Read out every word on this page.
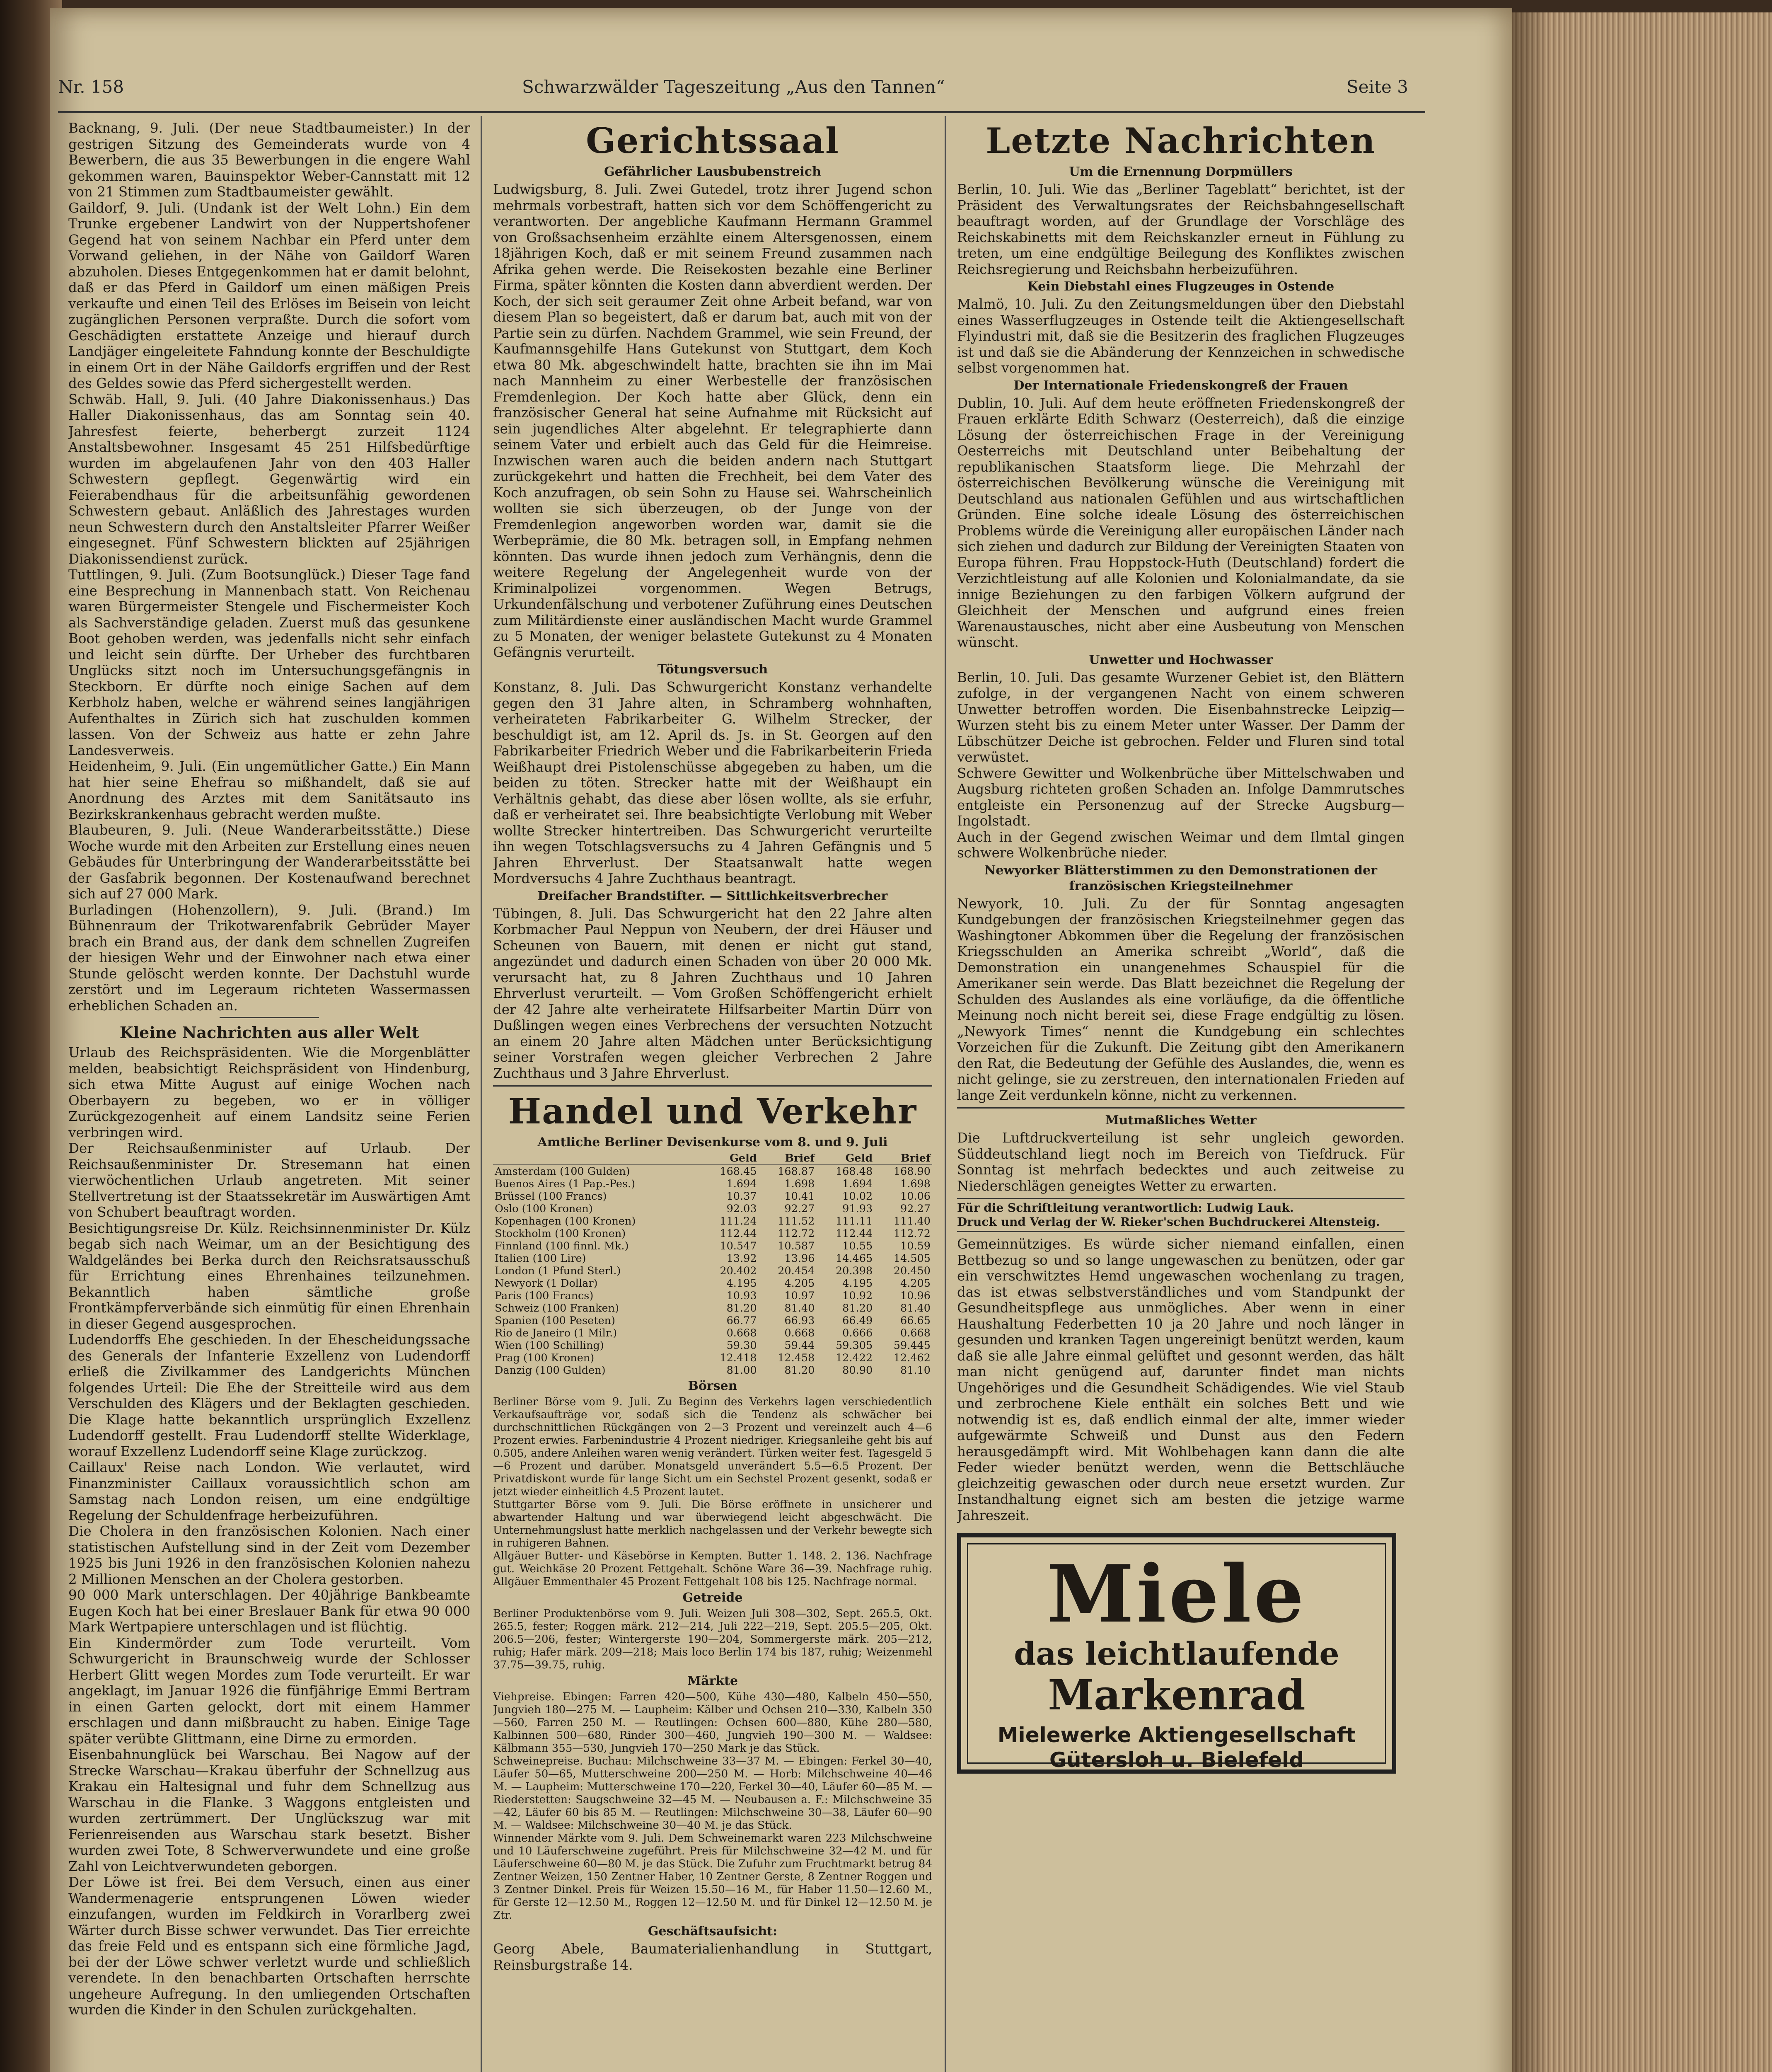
Nr. 158	Schwarzwälder Tageszeitung „Aus den Tannen“	Seite 3

Backnang, 9. Juli. (Der neue Stadtbaumeister.) In der gestrigen Sitzung des Gemeinderats wurde von 4 Bewerbern, die aus 35 Bewerbungen in die engere Wahl gekommen waren, Bauinspektor Weber-Cannstatt mit 12 von 21 Stimmen zum Stadtbaumeister gewählt.

Gaildorf, 9. Juli. (Undank ist der Welt Lohn.) Ein dem Trunke ergebener Landwirt von der Nuppertshofener Gegend hat von seinem Nachbar ein Pferd unter dem Vorwand geliehen, in der Nähe von Gaildorf Waren abzuholen. Dieses Entgegenkommen hat er damit belohnt, daß er das Pferd in Gaildorf um einen mäßigen Preis verkaufte und einen Teil des Erlöses im Beisein von leicht zugänglichen Personen verpraßte. Durch die sofort vom Geschädigten erstattete Anzeige und hierauf durch Landjäger eingeleitete Fahndung konnte der Beschuldigte in einem Ort in der Nähe Gaildorfs ergriffen und der Rest des Geldes sowie das Pferd sichergestellt werden.

Schwäb. Hall, 9. Juli. (40 Jahre Diakonissenhaus.) Das Haller Diakonissenhaus, das am Sonntag sein 40. Jahresfest feierte, beherbergt zurzeit 1124 Anstaltsbewohner. Insgesamt 45 251 Hilfsbedürftige wurden im abgelaufenen Jahr von den 403 Haller Schwestern gepflegt. Gegenwärtig wird ein Feierabendhaus für die arbeitsunfähig gewordenen Schwestern gebaut. Anläßlich des Jahrestages wurden neun Schwestern durch den Anstaltsleiter Pfarrer Weißer eingesegnet. Fünf Schwestern blickten auf 25jährigen Diakonissendienst zurück.

Tuttlingen, 9. Juli. (Zum Bootsunglück.) Dieser Tage fand eine Besprechung in Mannenbach statt. Von Reichenau waren Bürgermeister Stengele und Fischermeister Koch als Sachverständige geladen. Zuerst muß das gesunkene Boot gehoben werden, was jedenfalls nicht sehr einfach und leicht sein dürfte. Der Urheber des furchtbaren Unglücks sitzt noch im Untersuchungsgefängnis in Steckborn. Er dürfte noch einige Sachen auf dem Kerbholz haben, welche er während seines langjährigen Aufenthaltes in Zürich sich hat zuschulden kommen lassen. Von der Schweiz aus hatte er zehn Jahre Landesverweis.

Heidenheim, 9. Juli. (Ein ungemütlicher Gatte.) Ein Mann hat hier seine Ehefrau so mißhandelt, daß sie auf Anordnung des Arztes mit dem Sanitätsauto ins Bezirkskrankenhaus gebracht werden mußte.

Blaubeuren, 9. Juli. (Neue Wanderarbeitsstätte.) Diese Woche wurde mit den Arbeiten zur Erstellung eines neuen Gebäudes für Unterbringung der Wanderarbeitsstätte bei der Gasfabrik begonnen. Der Kostenaufwand berechnet sich auf 27 000 Mark.

Burladingen (Hohenzollern), 9. Juli. (Brand.) Im Bühnenraum der Trikotwarenfabrik Gebrüder Mayer brach ein Brand aus, der dank dem schnellen Zugreifen der hiesigen Wehr und der Einwohner nach etwa einer Stunde gelöscht werden konnte. Der Dachstuhl wurde zerstört und im Legeraum richteten Wassermassen erheblichen Schaden an.

Kleine Nachrichten aus aller Welt

Urlaub des Reichspräsidenten. Wie die Morgenblätter melden, beabsichtigt Reichspräsident von Hindenburg, sich etwa Mitte August auf einige Wochen nach Oberbayern zu begeben, wo er in völliger Zurückgezogenheit auf einem Landsitz seine Ferien verbringen wird.

Der Reichsaußenminister auf Urlaub. Der Reichsaußenminister Dr. Stresemann hat einen vierwöchentlichen Urlaub angetreten. Mit seiner Stellvertretung ist der Staatssekretär im Auswärtigen Amt von Schubert beauftragt worden.

Besichtigungsreise Dr. Külz. Reichsinnenminister Dr. Külz begab sich nach Weimar, um an der Besichtigung des Waldgeländes bei Berka durch den Reichsratsausschuß für Errichtung eines Ehrenhaines teilzunehmen. Bekanntlich haben sämtliche große Frontkämpferverbände sich einmütig für einen Ehrenhain in dieser Gegend ausgesprochen.

Ludendorffs Ehe geschieden. In der Ehescheidungssache des Generals der Infanterie Exzellenz von Ludendorff erließ die Zivilkammer des Landgerichts München folgendes Urteil: Die Ehe der Streitteile wird aus dem Verschulden des Klägers und der Beklagten geschieden. Die Klage hatte bekanntlich ursprünglich Exzellenz Ludendorff gestellt. Frau Ludendorff stellte Widerklage, worauf Exzellenz Ludendorff seine Klage zurückzog.

Caillaux' Reise nach London. Wie verlautet, wird Finanzminister Caillaux voraussichtlich schon am Samstag nach London reisen, um eine endgültige Regelung der Schuldenfrage herbeizuführen.

Die Cholera in den französischen Kolonien. Nach einer statistischen Aufstellung sind in der Zeit vom Dezember 1925 bis Juni 1926 in den französischen Kolonien nahezu 2 Millionen Menschen an der Cholera gestorben.

90 000 Mark unterschlagen. Der 40jährige Bankbeamte Eugen Koch hat bei einer Breslauer Bank für etwa 90 000 Mark Wertpapiere unterschlagen und ist flüchtig.

Ein Kindermörder zum Tode verurteilt. Vom Schwurgericht in Braunschweig wurde der Schlosser Herbert Glitt wegen Mordes zum Tode verurteilt. Er war angeklagt, im Januar 1926 die fünfjährige Emmi Bertram in einen Garten gelockt, dort mit einem Hammer erschlagen und dann mißbraucht zu haben. Einige Tage später verübte Glittmann, eine Dirne zu ermorden.

Eisenbahnunglück bei Warschau. Bei Nagow auf der Strecke Warschau—Krakau überfuhr der Schnellzug aus Krakau ein Haltesignal und fuhr dem Schnellzug aus Warschau in die Flanke. 3 Waggons entgleisten und wurden zertrümmert. Der Unglückszug war mit Ferienreisenden aus Warschau stark besetzt. Bisher wurden zwei Tote, 8 Schwerverwundete und eine große Zahl von Leichtverwundeten geborgen.

Der Löwe ist frei. Bei dem Versuch, einen aus einer Wandermenagerie entsprungenen Löwen wieder einzufangen, wurden im Feldkirch in Vorarlberg zwei Wärter durch Bisse schwer verwundet. Das Tier erreichte das freie Feld und es entspann sich eine förmliche Jagd, bei der der Löwe schwer verletzt wurde und schließlich verendete. In den benachbarten Ortschaften herrschte ungeheure Aufregung. In den umliegenden Ortschaften wurden die Kinder in den Schulen zurückgehalten.

Gerichtssaal
Gefährlicher Lausbubenstreich

Ludwigsburg, 8. Juli. Zwei Gutedel, trotz ihrer Jugend schon mehrmals vorbestraft, hatten sich vor dem Schöffengericht zu verantworten. Der angebliche Kaufmann Hermann Grammel von Großsachsenheim erzählte einem Altersgenossen, einem 18jährigen Koch, daß er mit seinem Freund zusammen nach Afrika gehen werde. Die Reisekosten bezahle eine Berliner Firma, später könnten die Kosten dann abverdient werden. Der Koch, der sich seit geraumer Zeit ohne Arbeit befand, war von diesem Plan so begeistert, daß er darum bat, auch mit von der Partie sein zu dürfen. Nachdem Grammel, wie sein Freund, der Kaufmannsgehilfe Hans Gutekunst von Stuttgart, dem Koch etwa 80 Mk. abgeschwindelt hatte, brachten sie ihn im Mai nach Mannheim zu einer Werbestelle der französischen Fremdenlegion. Der Koch hatte aber Glück, denn ein französischer General hat seine Aufnahme mit Rücksicht auf sein jugendliches Alter abgelehnt. Er telegraphierte dann seinem Vater und erbielt auch das Geld für die Heimreise. Inzwischen waren auch die beiden andern nach Stuttgart zurückgekehrt und hatten die Frechheit, bei dem Vater des Koch anzufragen, ob sein Sohn zu Hause sei. Wahrscheinlich wollten sie sich überzeugen, ob der Junge von der Fremdenlegion angeworben worden war, damit sie die Werbeprämie, die 80 Mk. betragen soll, in Empfang nehmen könnten. Das wurde ihnen jedoch zum Verhängnis, denn die weitere Regelung der Angelegenheit wurde von der Kriminalpolizei vorgenommen. Wegen Betrugs, Urkundenfälschung und verbotener Zuführung eines Deutschen zum Militärdienste einer ausländischen Macht wurde Grammel zu 5 Monaten, der weniger belastete Gutekunst zu 4 Monaten Gefängnis verurteilt.

Tötungsversuch

Konstanz, 8. Juli. Das Schwurgericht Konstanz verhandelte gegen den 31 Jahre alten, in Schramberg wohnhaften, verheirateten Fabrikarbeiter G. Wilhelm Strecker, der beschuldigt ist, am 12. April ds. Js. in St. Georgen auf den Fabrikarbeiter Friedrich Weber und die Fabrikarbeiterin Frieda Weißhaupt drei Pistolenschüsse abgegeben zu haben, um die beiden zu töten. Strecker hatte mit der Weißhaupt ein Verhältnis gehabt, das diese aber lösen wollte, als sie erfuhr, daß er verheiratet sei. Ihre beabsichtigte Verlobung mit Weber wollte Strecker hintertreiben. Das Schwurgericht verurteilte ihn wegen Totschlagsversuchs zu 4 Jahren Gefängnis und 5 Jahren Ehrverlust. Der Staatsanwalt hatte wegen Mordversuchs 4 Jahre Zuchthaus beantragt.

Dreifacher Brandstifter. — Sittlichkeitsverbrecher

Tübingen, 8. Juli. Das Schwurgericht hat den 22 Jahre alten Korbmacher Paul Neppun von Neubern, der drei Häuser und Scheunen von Bauern, mit denen er nicht gut stand, angezündet und dadurch einen Schaden von über 20 000 Mk. verursacht hat, zu 8 Jahren Zuchthaus und 10 Jahren Ehrverlust verurteilt. — Vom Großen Schöffengericht erhielt der 42 Jahre alte verheiratete Hilfsarbeiter Martin Dürr von Dußlingen wegen eines Verbrechens der versuchten Notzucht an einem 20 Jahre alten Mädchen unter Berücksichtigung seiner Vorstrafen wegen gleicher Verbrechen 2 Jahre Zuchthaus und 3 Jahre Ehrverlust.

Handel und Verkehr
Amtliche Berliner Devisenkurse vom 8. und 9. Juli
	Geld	Brief	Geld	Brief
Amsterdam (100 Gulden)	168.45	168.87	168.48	168.90
Buenos Aires (1 Pap.-Pes.)	1.694	1.698	1.694	1.698
Brüssel (100 Francs)	10.37	10.41	10.02	10.06
Oslo (100 Kronen)	92.03	92.27	91.93	92.27
Kopenhagen (100 Kronen)	111.24	111.52	111.11	111.40
Stockholm (100 Kronen)	112.44	112.72	112.44	112.72
Finnland (100 finnl. Mk.)	10.547	10.587	10.55	10.59
Italien (100 Lire)	13.92	13.96	14.465	14.505
London (1 Pfund Sterl.)	20.402	20.454	20.398	20.450
Newyork (1 Dollar)	4.195	4.205	4.195	4.205
Paris (100 Francs)	10.93	10.97	10.92	10.96
Schweiz (100 Franken)	81.20	81.40	81.20	81.40
Spanien (100 Peseten)	66.77	66.93	66.49	66.65
Rio de Janeiro (1 Milr.)	0.668	0.668	0.666	0.668
Wien (100 Schilling)	59.30	59.44	59.305	59.445
Prag (100 Kronen)	12.418	12.458	12.422	12.462
Danzig (100 Gulden)	81.00	81.20	80.90	81.10
Börsen

Berliner Börse vom 9. Juli. Zu Beginn des Verkehrs lagen verschiedentlich Verkaufsaufträge vor, sodaß sich die Tendenz als schwächer bei durchschnittlichen Rückgängen von 2—3 Prozent und vereinzelt auch 4—6 Prozent erwies. Farbenindustrie 4 Prozent niedriger. Kriegsanleihe geht bis auf 0.505, andere Anleihen waren wenig verändert. Türken weiter fest. Tagesgeld 5—6 Prozent und darüber. Monatsgeld unverändert 5.5—6.5 Prozent. Der Privatdiskont wurde für lange Sicht um ein Sechstel Prozent gesenkt, sodaß er jetzt wieder einheitlich 4.5 Prozent lautet.

Stuttgarter Börse vom 9. Juli. Die Börse eröffnete in unsicherer und abwartender Haltung und war überwiegend leicht abgeschwächt. Die Unternehmungslust hatte merklich nachgelassen und der Verkehr bewegte sich in ruhigeren Bahnen.

Allgäuer Butter- und Käsebörse in Kempten. Butter 1. 148. 2. 136. Nachfrage gut. Weichkäse 20 Prozent Fettgehalt. Schöne Ware 36—39. Nachfrage ruhig. Allgäuer Emmenthaler 45 Prozent Fettgehalt 108 bis 125. Nachfrage normal.

Getreide

Berliner Produktenbörse vom 9. Juli. Weizen Juli 308—302, Sept. 265.5, Okt. 265.5, fester; Roggen märk. 212—214, Juli 222—219, Sept. 205.5—205, Okt. 206.5—206, fester; Wintergerste 190—204, Sommergerste märk. 205—212, ruhig; Hafer märk. 209—218; Mais loco Berlin 174 bis 187, ruhig; Weizenmehl 37.75—39.75, ruhig.

Märkte

Viehpreise. Ebingen: Farren 420—500, Kühe 430—480, Kalbeln 450—550, Jungvieh 180—275 M. — Laupheim: Kälber und Ochsen 210—330, Kalbeln 350—560, Farren 250 M. — Reutlingen: Ochsen 600—880, Kühe 280—580, Kalbinnen 500—680, Rinder 300—460, Jungvieh 190—300 M. — Waldsee: Kälbmann 355—530, Jungvieh 170—250 Mark je das Stück.

Schweinepreise. Buchau: Milchschweine 33—37 M. — Ebingen: Ferkel 30—40, Läufer 50—65, Mutterschweine 200—250 M. — Horb: Milchschweine 40—46 M. — Laupheim: Mutterschweine 170—220, Ferkel 30—40, Läufer 60—85 M. — Riederstetten: Saugschweine 32—45 M. — Neubausen a. F.: Milchschweine 35—42, Läufer 60 bis 85 M. — Reutlingen: Milchschweine 30—38, Läufer 60—90 M. — Waldsee: Milchschweine 30—40 M. je das Stück.

Winnender Märkte vom 9. Juli. Dem Schweinemarkt waren 223 Milchschweine und 10 Läuferschweine zugeführt. Preis für Milchschweine 32—42 M. und für Läuferschweine 60—80 M. je das Stück. Die Zufuhr zum Fruchtmarkt betrug 84 Zentner Weizen, 150 Zentner Haber, 10 Zentner Gerste, 8 Zentner Roggen und 3 Zentner Dinkel. Preis für Weizen 15.50—16 M., für Haber 11.50—12.60 M., für Gerste 12—12.50 M., Roggen 12—12.50 M. und für Dinkel 12—12.50 M. je Ztr.

Geschäftsaufsicht:

Georg Abele, Baumaterialienhandlung in Stuttgart, Reinsburgstraße 14.

Letzte Nachrichten
Um die Ernennung Dorpmüllers

Berlin, 10. Juli. Wie das „Berliner Tageblatt“ berichtet, ist der Präsident des Verwaltungsrates der Reichsbahngesellschaft beauftragt worden, auf der Grundlage der Vorschläge des Reichskabinetts mit dem Reichskanzler erneut in Fühlung zu treten, um eine endgültige Beilegung des Konfliktes zwischen Reichsregierung und Reichsbahn herbeizuführen.

Kein Diebstahl eines Flugzeuges in Ostende

Malmö, 10. Juli. Zu den Zeitungsmeldungen über den Diebstahl eines Wasserflugzeuges in Ostende teilt die Aktiengesellschaft Flyindustri mit, daß sie die Besitzerin des fraglichen Flugzeuges ist und daß sie die Abänderung der Kennzeichen in schwedische selbst vorgenommen hat.

Der Internationale Friedenskongreß der Frauen

Dublin, 10. Juli. Auf dem heute eröffneten Friedenskongreß der Frauen erklärte Edith Schwarz (Oesterreich), daß die einzige Lösung der österreichischen Frage in der Vereinigung Oesterreichs mit Deutschland unter Beibehaltung der republikanischen Staatsform liege. Die Mehrzahl der österreichischen Bevölkerung wünsche die Vereinigung mit Deutschland aus nationalen Gefühlen und aus wirtschaftlichen Gründen. Eine solche ideale Lösung des österreichischen Problems würde die Vereinigung aller europäischen Länder nach sich ziehen und dadurch zur Bildung der Vereinigten Staaten von Europa führen. Frau Hoppstock-Huth (Deutschland) fordert die Verzichtleistung auf alle Kolonien und Kolonialmandate, da sie innige Beziehungen zu den farbigen Völkern aufgrund der Gleichheit der Menschen und aufgrund eines freien Warenaustausches, nicht aber eine Ausbeutung von Menschen wünscht.

Unwetter und Hochwasser

Berlin, 10. Juli. Das gesamte Wurzener Gebiet ist, den Blättern zufolge, in der vergangenen Nacht von einem schweren Unwetter betroffen worden. Die Eisenbahnstrecke Leipzig—Wurzen steht bis zu einem Meter unter Wasser. Der Damm der Lübschützer Deiche ist gebrochen. Felder und Fluren sind total verwüstet.

Schwere Gewitter und Wolkenbrüche über Mittelschwaben und Augsburg richteten großen Schaden an. Infolge Dammrutsches entgleiste ein Personenzug auf der Strecke Augsburg—Ingolstadt.

Auch in der Gegend zwischen Weimar und dem Ilmtal gingen schwere Wolkenbrüche nieder.

Newyorker Blätterstimmen zu den Demonstrationen der französischen Kriegsteilnehmer

Newyork, 10. Juli. Zu der für Sonntag angesagten Kundgebungen der französischen Kriegsteilnehmer gegen das Washingtoner Abkommen über die Regelung der französischen Kriegsschulden an Amerika schreibt „World“, daß die Demonstration ein unangenehmes Schauspiel für die Amerikaner sein werde. Das Blatt bezeichnet die Regelung der Schulden des Auslandes als eine vorläufige, da die öffentliche Meinung noch nicht bereit sei, diese Frage endgültig zu lösen. „Newyork Times“ nennt die Kundgebung ein schlechtes Vorzeichen für die Zukunft. Die Zeitung gibt den Amerikanern den Rat, die Bedeutung der Gefühle des Auslandes, die, wenn es nicht gelinge, sie zu zerstreuen, den internationalen Frieden auf lange Zeit verdunkeln könne, nicht zu verkennen.

Mutmaßliches Wetter

Die Luftdruckverteilung ist sehr ungleich geworden. Süddeutschland liegt noch im Bereich von Tiefdruck. Für Sonntag ist mehrfach bedecktes und auch zeitweise zu Niederschlägen geneigtes Wetter zu erwarten.

Für die Schriftleitung verantwortlich: Ludwig Lauk.
Druck und Verlag der W. Rieker'schen Buchdruckerei Altensteig.

Gemeinnütziges. Es würde sicher niemand einfallen, einen Bettbezug so und so lange ungewaschen zu benützen, oder gar ein verschwitztes Hemd ungewaschen wochenlang zu tragen, das ist etwas selbstverständliches und vom Standpunkt der Gesundheitspflege aus unmögliches. Aber wenn in einer Haushaltung Federbetten 10 ja 20 Jahre und noch länger in gesunden und kranken Tagen ungereinigt benützt werden, kaum daß sie alle Jahre einmal gelüftet und gesonnt werden, das hält man nicht genügend auf, darunter findet man nichts Ungehöriges und die Gesundheit Schädigendes. Wie viel Staub und zerbrochene Kiele enthält ein solches Bett und wie notwendig ist es, daß endlich einmal der alte, immer wieder aufgewärmte Schweiß und Dunst aus den Federn herausgedämpft wird. Mit Wohlbehagen kann dann die alte Feder wieder benützt werden, wenn die Bettschläuche gleichzeitig gewaschen oder durch neue ersetzt wurden. Zur Instandhaltung eignet sich am besten die jetzige warme Jahreszeit.

Miele
das leichtlaufende
Markenrad
Mielewerke Aktiengesellschaft
Gütersloh u. Bielefeld
